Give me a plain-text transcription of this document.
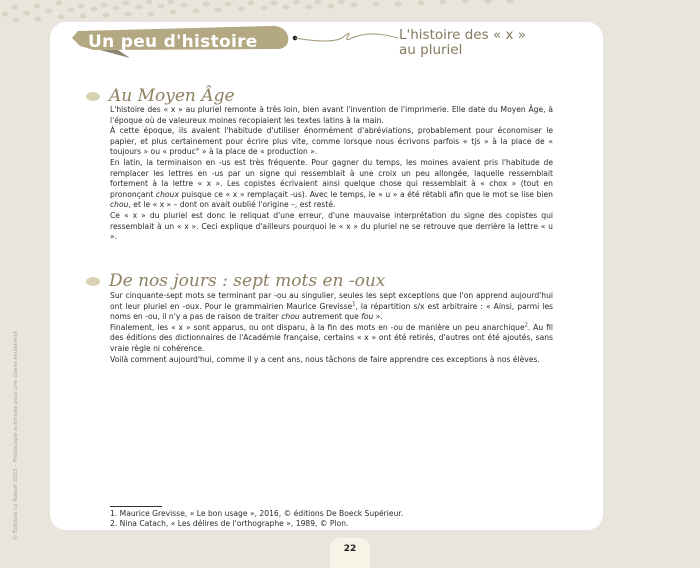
Un peu d'histoire	L'histoire des « x »
au pluriel
Au Moyen Âge

L'histoire des « x » au pluriel remonte à très loin, bien avant l'invention de l'imprimerie. Elle date du Moyen Âge, à l'époque où de valeureux moines recopiaient les textes latins à la main.

À cette époque, ils avaient l'habitude d'utiliser énormément d'abréviations, probablement pour économiser le papier, et plus certainement pour écrire plus vite, comme lorsque nous écrivons parfois « tjs » à la place de « toujours » ou « produc° » à la place de « production ».

En latin, la terminaison en -us est très fréquente. Pour gagner du temps, les moines avaient pris l'habitude de remplacer les lettres en -us par un signe qui ressemblait à une croix un peu allongée, laquelle ressemblait fortement à la lettre « x ». Les copistes écrivaient ainsi quelque chose qui ressemblait à « chox » (tout en prononçant choux puisque ce « x » remplaçait -us). Avec le temps, le « u » a été rétabli afin que le mot se lise bien chou, et le « x » – dont on avait oublié l'origine –, est resté.

Ce « x » du pluriel est donc le reliquat d'une erreur, d'une mauvaise interprétation du signe des copistes qui ressemblait à un « x ». Ceci explique d'ailleurs pourquoi le « x » du pluriel ne se retrouve que derrière la lettre « u ».

De nos jours : sept mots en -oux

Sur cinquante-sept mots se terminant par -ou au singulier, seules les sept exceptions que l'on apprend aujourd'hui ont leur pluriel en -oux. Pour le grammairien Maurice Grevisse$^1$, la répartition s/x est arbitraire : « Ainsi, parmi les noms en -ou, il n'y a pas de raison de traiter chou autrement que fou ».

Finalement, les « x » sont apparus, ou ont disparu, à la fin des mots en -ou de manière un peu anarchique$^2$. Au fil des éditions des dictionnaires de l'Académie française, certains « x » ont été retirés, d'autres ont été ajoutés, sans vraie règle ni cohérence.

Voilà comment aujourd'hui, comme il y a cent ans, nous tâchons de faire apprendre ces exceptions à nos élèves.

1. Maurice Grevisse, « Le bon usage », 2016, © éditions De Boeck Supérieur.

2. Nina Catach, « Les délires de l'orthographe », 1989, © Plon.

22
© Éditions Le Robert 2023 – Photocopie autorisée pour une classe seulement
